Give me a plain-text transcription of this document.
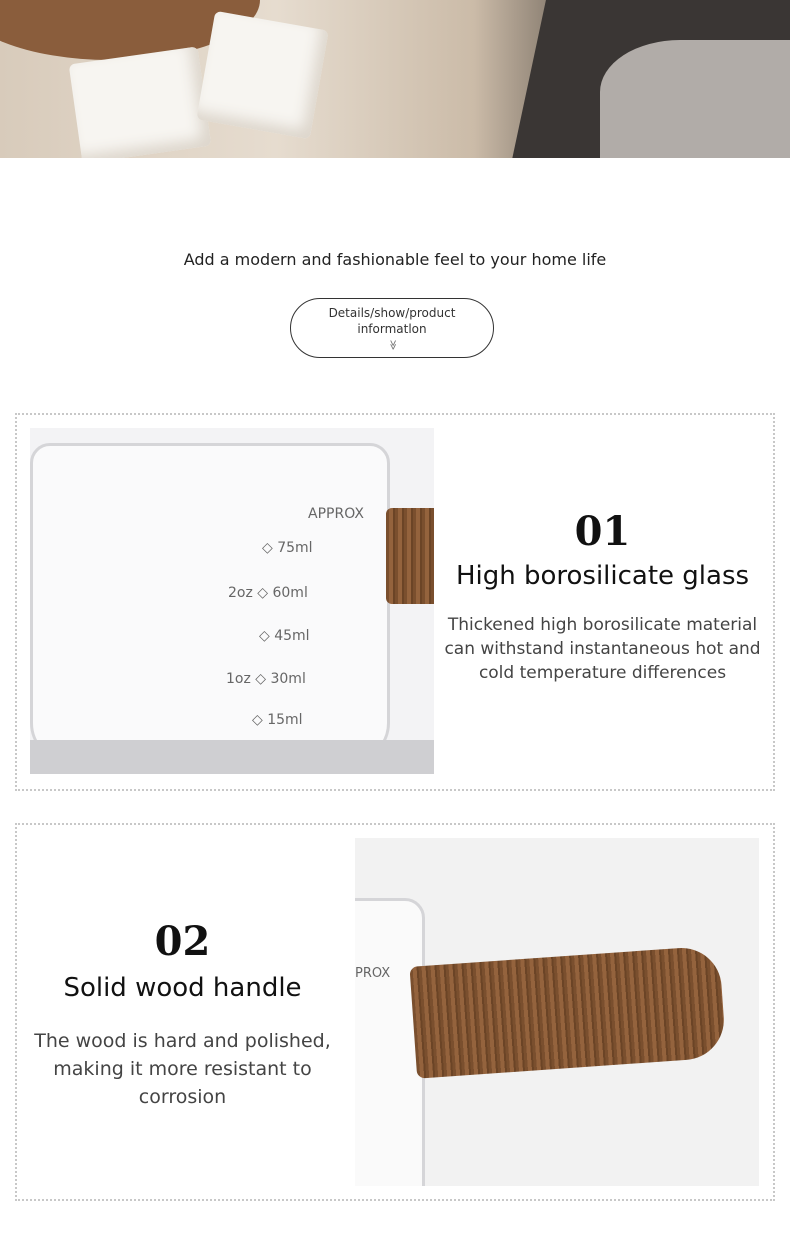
Add a modern and fashionable feel to your home life
Details/show/product
informatlon
≫
APPROX
◇ 75ml
2oz ◇ 60ml
◇ 45ml
1oz ◇ 30ml
◇ 15ml
01
High borosilicate glass
Thickened high borosilicate material can withstand instantaneous hot and cold temperature differences
02
Solid wood handle
The wood is hard and polished, making it more resistant to corrosion
PROX
